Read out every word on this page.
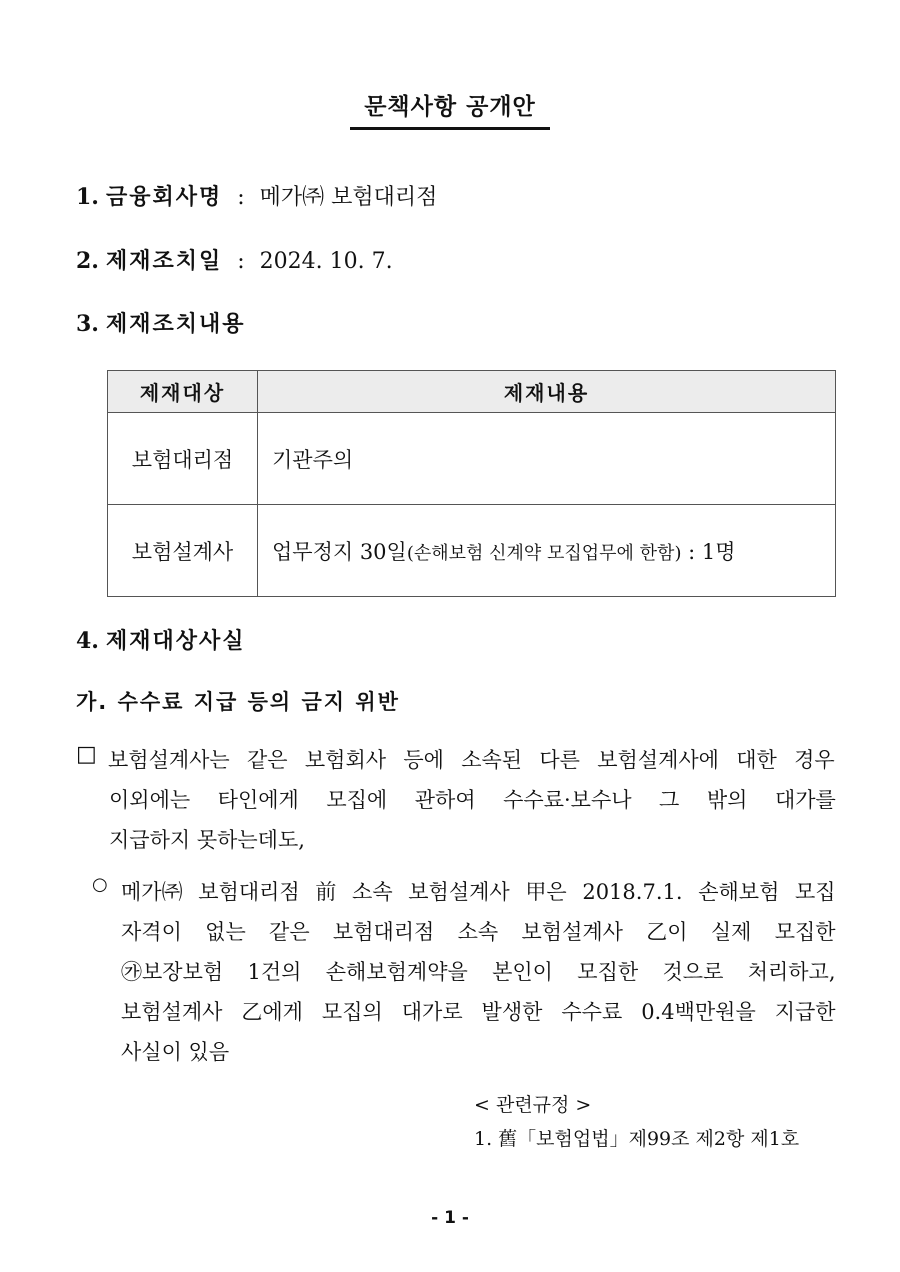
문책사항 공개안
1. 금융회사명 : 메가㈜ 보험대리점
2. 제재조치일 : 2024. 10. 7.
3. 제재조치내용
제재대상	제재내용
보험대리점	기관주의
보험설계사	업무정지 30일(손해보험 신계약 모집업무에 한함) : 1명
4. 제재대상사실
가. 수수료 지급 등의 금지 위반
□ 보험설계사는 같은 보험회사 등에 소속된 다른 보험설계사에 대한 경우
이외에는 타인에게 모집에 관하여 수수료·보수나 그 밖의 대가를
지급하지 못하는데도,
○ 메가㈜ 보험대리점 前 소속 보험설계사 甲은 2018.7.1. 손해보험 모집
자격이 없는 같은 보험대리점 소속 보험설계사 乙이 실제 모집한
㉮보장보험 1건의 손해보험계약을 본인이 모집한 것으로 처리하고,
보험설계사 乙에게 모집의 대가로 발생한 수수료 0.4백만원을 지급한
사실이 있음
< 관련규정 >
1. 舊「보험업법」제99조 제2항 제1호
- 1 -
